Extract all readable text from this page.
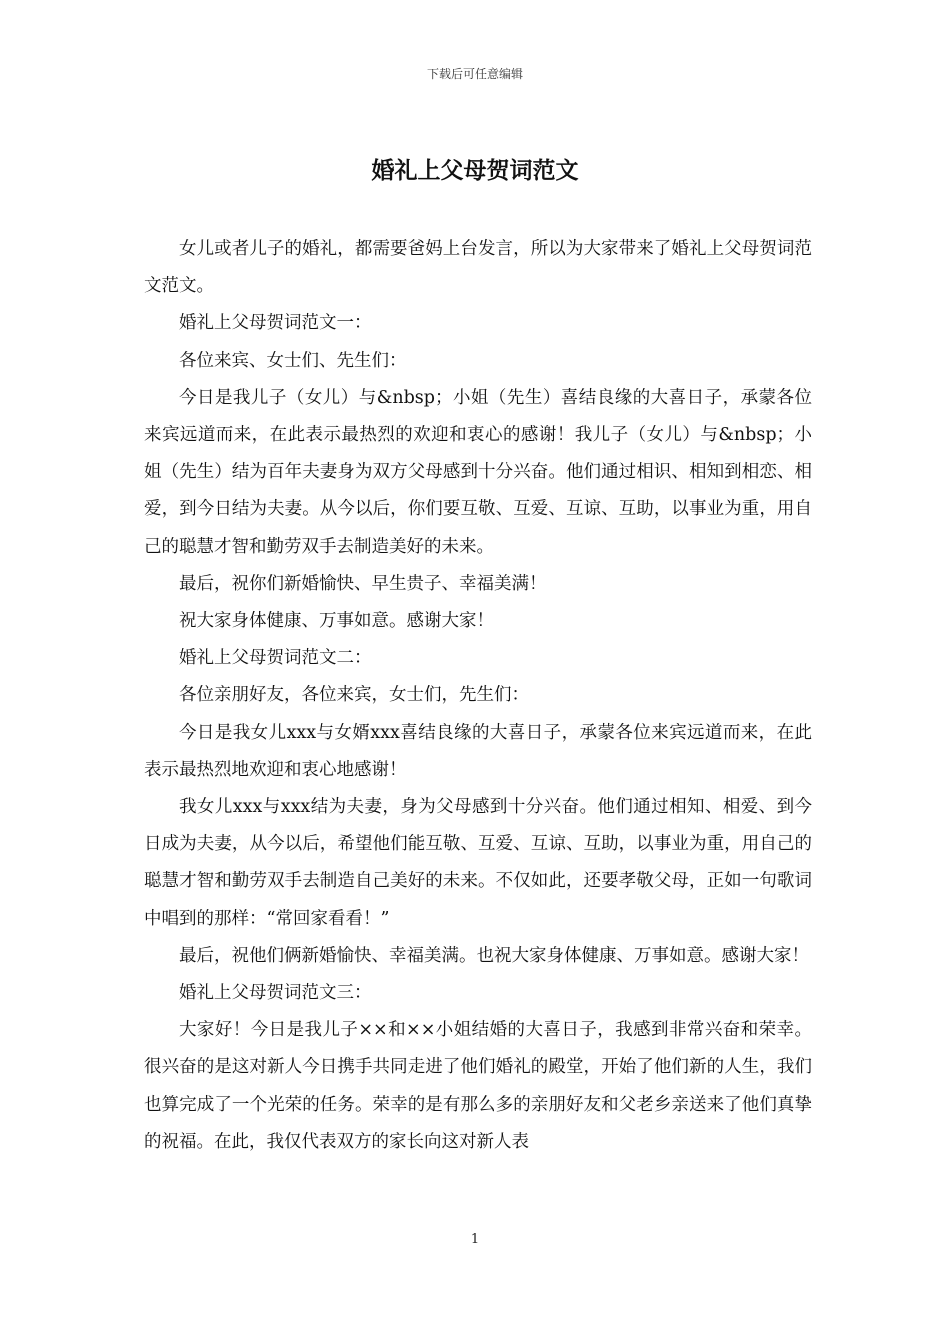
下载后可任意编辑
婚礼上父母贺词范文

女儿或者儿子的婚礼，都需要爸妈上台发言，所以为大家带来了婚礼上父母贺词范文范文。

婚礼上父母贺词范文一：

各位来宾、女士们、先生们：

今日是我儿子（女儿）与&nbsp；小姐（先生）喜结良缘的大喜日子，承蒙各位来宾远道而来，在此表示最热烈的欢迎和衷心的感谢！我儿子（女儿）与&nbsp；小姐（先生）结为百年夫妻身为双方父母感到十分兴奋。他们通过相识、相知到相恋、相爱，到今日结为夫妻。从今以后，你们要互敬、互爱、互谅、互助，以事业为重，用自己的聪慧才智和勤劳双手去制造美好的未来。

最后，祝你们新婚愉快、早生贵子、幸福美满！

祝大家身体健康、万事如意。感谢大家！

婚礼上父母贺词范文二：

各位亲朋好友，各位来宾，女士们，先生们：

今日是我女儿xxx与女婿xxx喜结良缘的大喜日子，承蒙各位来宾远道而来，在此表示最热烈地欢迎和衷心地感谢！

我女儿xxx与xxx结为夫妻，身为父母感到十分兴奋。他们通过相知、相爱、到今日成为夫妻，从今以后，希望他们能互敬、互爱、互谅、互助，以事业为重，用自己的聪慧才智和勤劳双手去制造自己美好的未来。不仅如此，还要孝敬父母，正如一句歌词中唱到的那样：“常回家看看！”

最后，祝他们俩新婚愉快、幸福美满。也祝大家身体健康、万事如意。感谢大家！

婚礼上父母贺词范文三：

大家好！今日是我儿子××和××小姐结婚的大喜日子，我感到非常兴奋和荣幸。很兴奋的是这对新人今日携手共同走进了他们婚礼的殿堂，开始了他们新的人生，我们也算完成了一个光荣的任务。荣幸的是有那么多的亲朋好友和父老乡亲送来了他们真挚的祝福。在此，我仅代表双方的家长向这对新人表

1
